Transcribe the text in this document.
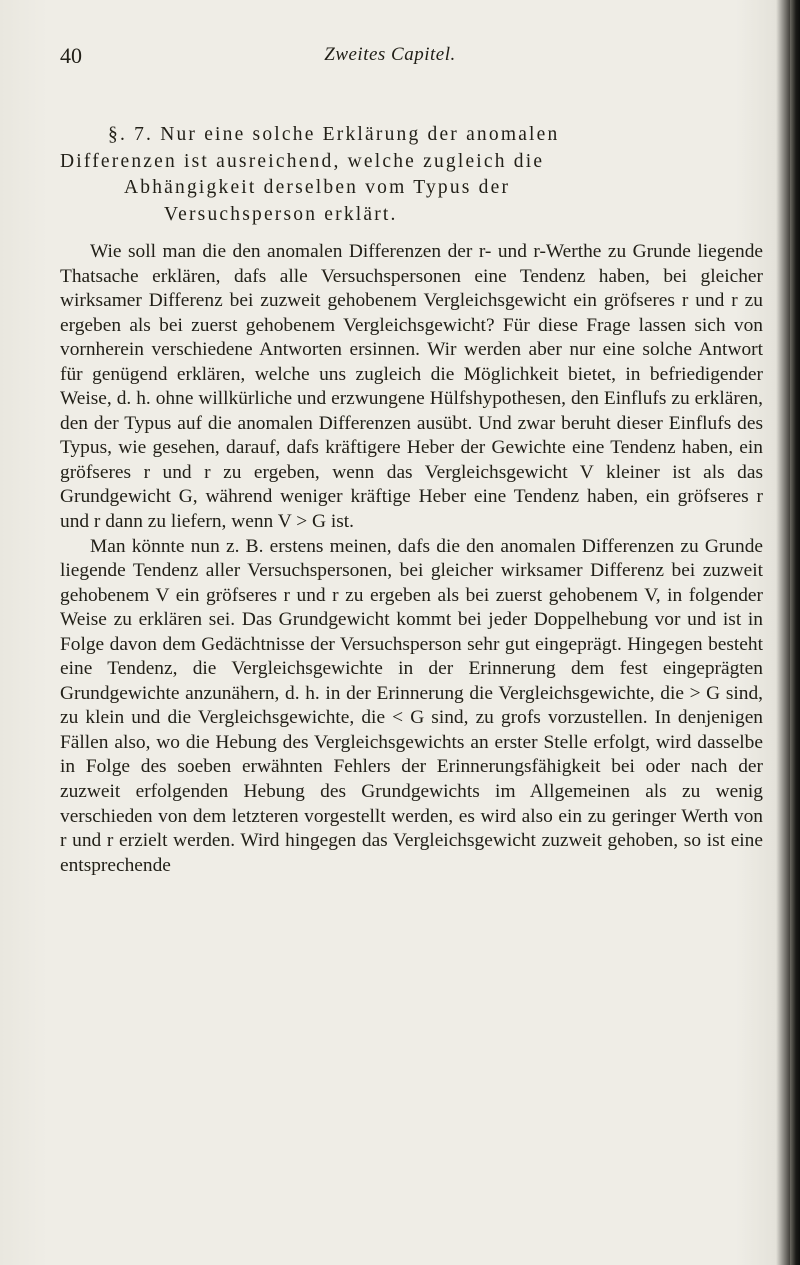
40	Zweites Capitel.
§. 7. Nur eine solche Erklärung der anomalen
Differenzen ist ausreichend, welche zugleich die
Abhängigkeit derselben vom Typus der
Versuchsperson erklärt.

Wie soll man die den anomalen Differenzen der r- und r-Werthe zu Grunde liegende Thatsache erklären, dafs alle Versuchspersonen eine Tendenz haben, bei gleicher wirksamer Differenz bei zuzweit gehobenem Vergleichsgewicht ein gröfseres r und r zu ergeben als bei zuerst gehobenem Vergleichsgewicht? Für diese Frage lassen sich von vornherein verschiedene Antworten ersinnen. Wir werden aber nur eine solche Antwort für genügend erklären, welche uns zugleich die Möglichkeit bietet, in befriedigender Weise, d. h. ohne willkürliche und erzwungene Hülfshypothesen, den Einflufs zu erklären, den der Typus auf die anomalen Differenzen ausübt. Und zwar beruht dieser Einflufs des Typus, wie gesehen, darauf, dafs kräftigere Heber der Gewichte eine Tendenz haben, ein gröfseres r und r zu ergeben, wenn das Vergleichsgewicht V kleiner ist als das Grundgewicht G, während weniger kräftige Heber eine Tendenz haben, ein gröfseres r und r dann zu liefern, wenn V > G ist.

Man könnte nun z. B. erstens meinen, dafs die den anomalen Differenzen zu Grunde liegende Tendenz aller Versuchspersonen, bei gleicher wirksamer Differenz bei zuzweit gehobenem V ein gröfseres r und r zu ergeben als bei zuerst gehobenem V, in folgender Weise zu erklären sei. Das Grundgewicht kommt bei jeder Doppelhebung vor und ist in Folge davon dem Gedächtnisse der Versuchsperson sehr gut eingeprägt. Hingegen besteht eine Tendenz, die Vergleichsgewichte in der Erinnerung dem fest eingeprägten Grundgewichte anzunähern, d. h. in der Erinnerung die Vergleichsgewichte, die > G sind, zu klein und die Vergleichsgewichte, die < G sind, zu grofs vorzustellen. In denjenigen Fällen also, wo die Hebung des Vergleichsgewichts an erster Stelle erfolgt, wird dasselbe in Folge des soeben erwähnten Fehlers der Erinnerungsfähigkeit bei oder nach der zuzweit erfolgenden Hebung des Grundgewichts im Allgemeinen als zu wenig verschieden von dem letzteren vorgestellt werden, es wird also ein zu geringer Werth von r und r erzielt werden. Wird hingegen das Vergleichsgewicht zuzweit gehoben, so ist eine entsprechende
